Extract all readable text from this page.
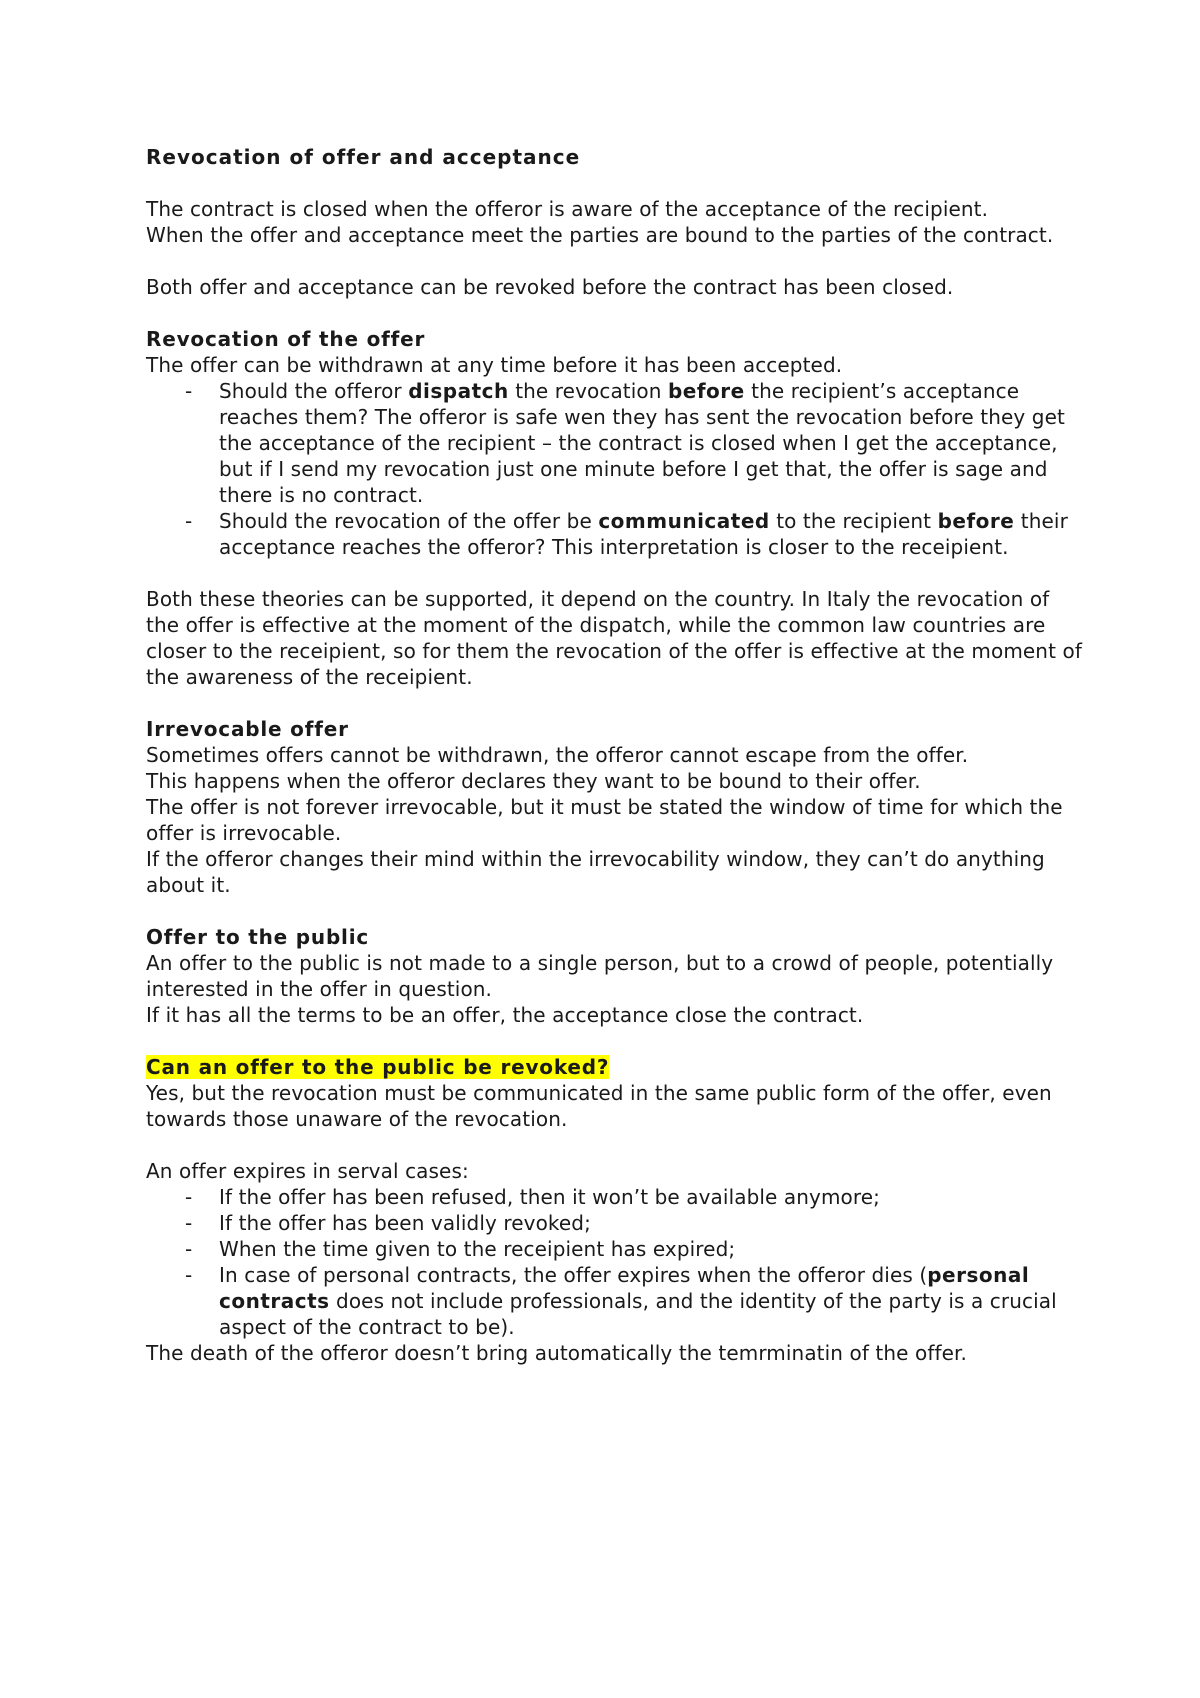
Revocation of offer and acceptance

The contract is closed when the offeror is aware of the acceptance of the recipient.

When the offer and acceptance meet the parties are bound to the parties of the contract.

Both offer and acceptance can be revoked before the contract has been closed.

Revocation of the offer

The offer can be withdrawn at any time before it has been accepted.

- Should the offeror dispatch the revocation before the recipient’s acceptance reaches them? The offeror is safe wen they has sent the revocation before they get the acceptance of the recipient – the contract is closed when I get the acceptance, but if I send my revocation just one minute before I get that, the offer is sage and there is no contract.
- Should the revocation of the offer be communicated to the recipient before their acceptance reaches the offeror? This interpretation is closer to the receipient.

Both these theories can be supported, it depend on the country. In Italy the revocation of the offer is effective at the moment of the dispatch, while the common law countries are closer to the receipient, so for them the revocation of the offer is effective at the moment of the awareness of the receipient.

Irrevocable offer

Sometimes offers cannot be withdrawn, the offeror cannot escape from the offer.

This happens when the offeror declares they want to be bound to their offer.

The offer is not forever irrevocable, but it must be stated the window of time for which the offer is irrevocable.

If the offeror changes their mind within the irrevocability window, they can’t do anything about it.

Offer to the public

An offer to the public is not made to a single person, but to a crowd of people, potentially interested in the offer in question.

If it has all the terms to be an offer, the acceptance close the contract.

Can an offer to the public be revoked?

Yes, but the revocation must be communicated in the same public form of the offer, even towards those unaware of the revocation.

An offer expires in serval cases:

- If the offer has been refused, then it won’t be available anymore;
- If the offer has been validly revoked;
- When the time given to the receipient has expired;
- In case of personal contracts, the offer expires when the offeror dies (personal contracts does not include professionals, and the identity of the party is a crucial aspect of the contract to be).

The death of the offeror doesn’t bring automatically the temrminatin of the offer.
